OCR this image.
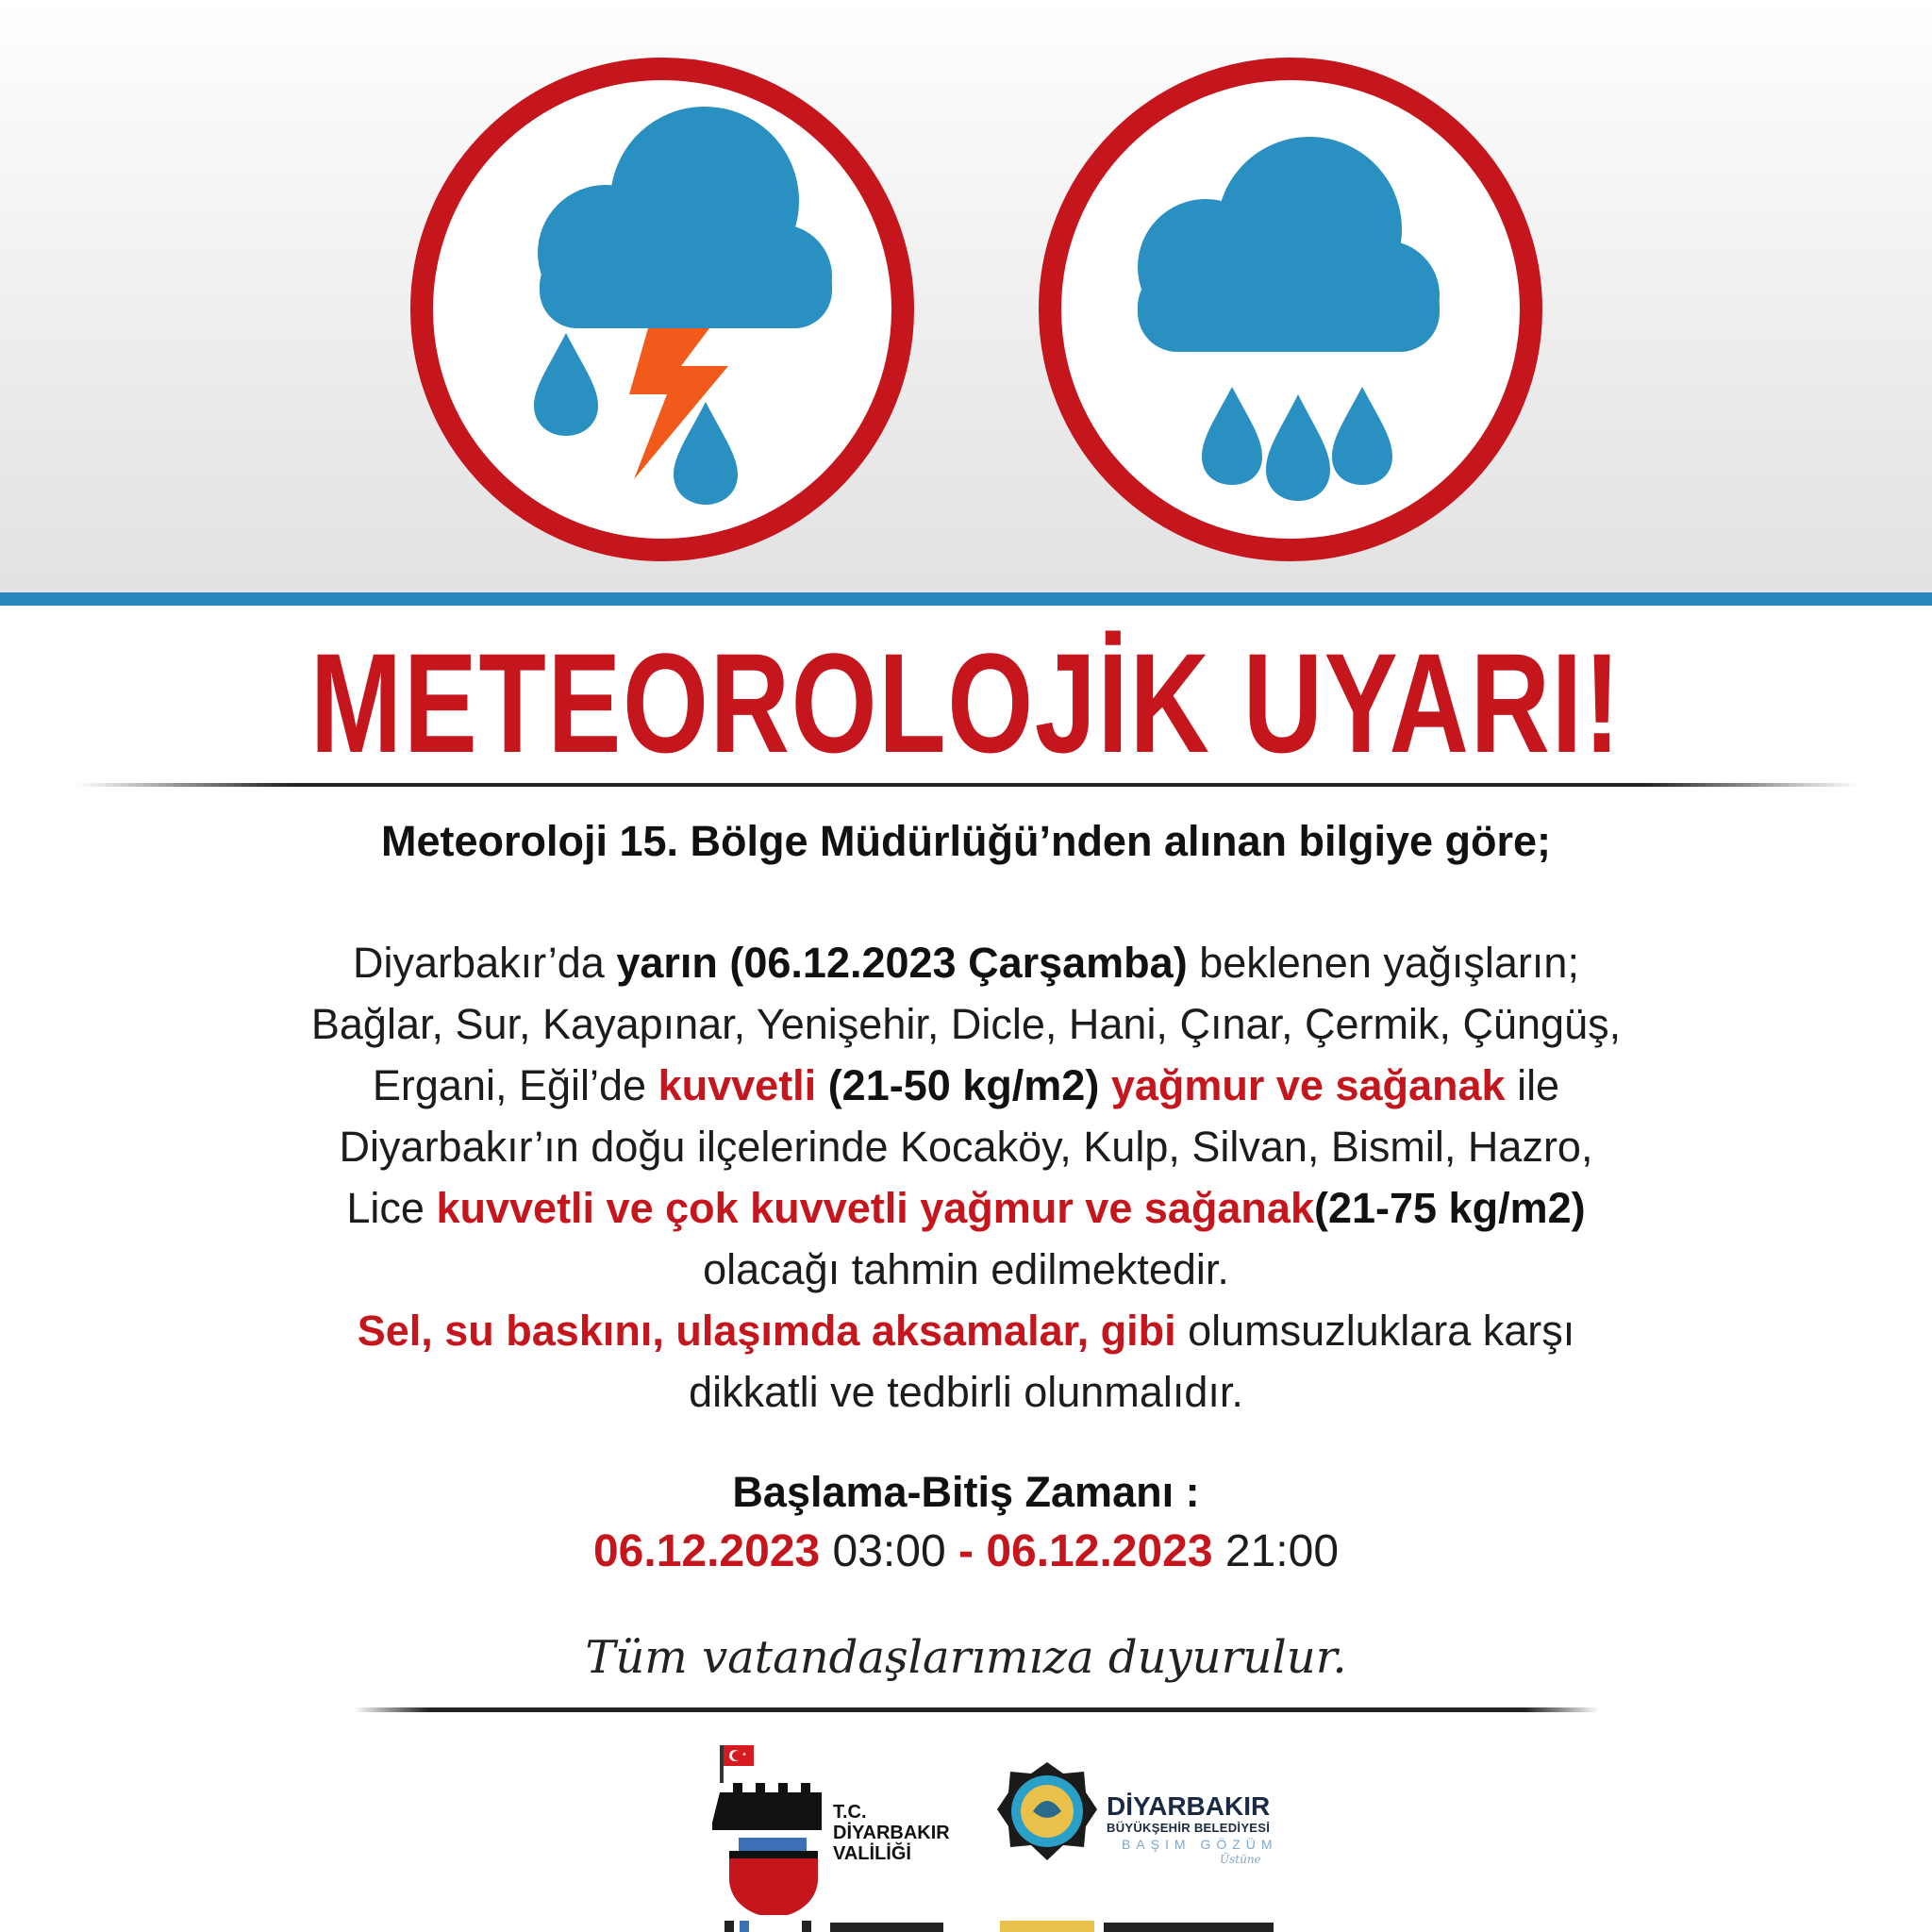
METEOROLOJİK UYARI!
Meteoroloji 15. Bölge Müdürlüğü’nden alınan bilgiye göre;

Diyarbakır’da yarın (06.12.2023 Çarşamba) beklenen yağışların;

Bağlar, Sur, Kayapınar, Yenişehir, Dicle, Hani, Çınar, Çermik, Çüngüş,

Ergani, Eğil’de kuvvetli (21-50 kg/m2) yağmur ve sağanak ile

Diyarbakır’ın doğu ilçelerinde Kocaköy, Kulp, Silvan, Bismil, Hazro,

Lice kuvvetli ve çok kuvvetli yağmur ve sağanak(21-75 kg/m2)

olacağı tahmin edilmektedir.

Sel, su baskını, ulaşımda aksamalar, gibi olumsuzluklara karşı

dikkatli ve tedbirli olunmalıdır.

Başlama-Bitiş Zamanı :
06.12.2023 03:00 - 06.12.2023 21:00
Tüm vatandaşlarımıza duyurulur.
T.C.
DİYARBAKIR
VALİLİĞİ
DİYARBAKIR
BÜYÜKŞEHİR BELEDİYESİ
BAŞIM GÖZÜM
Üstüne
